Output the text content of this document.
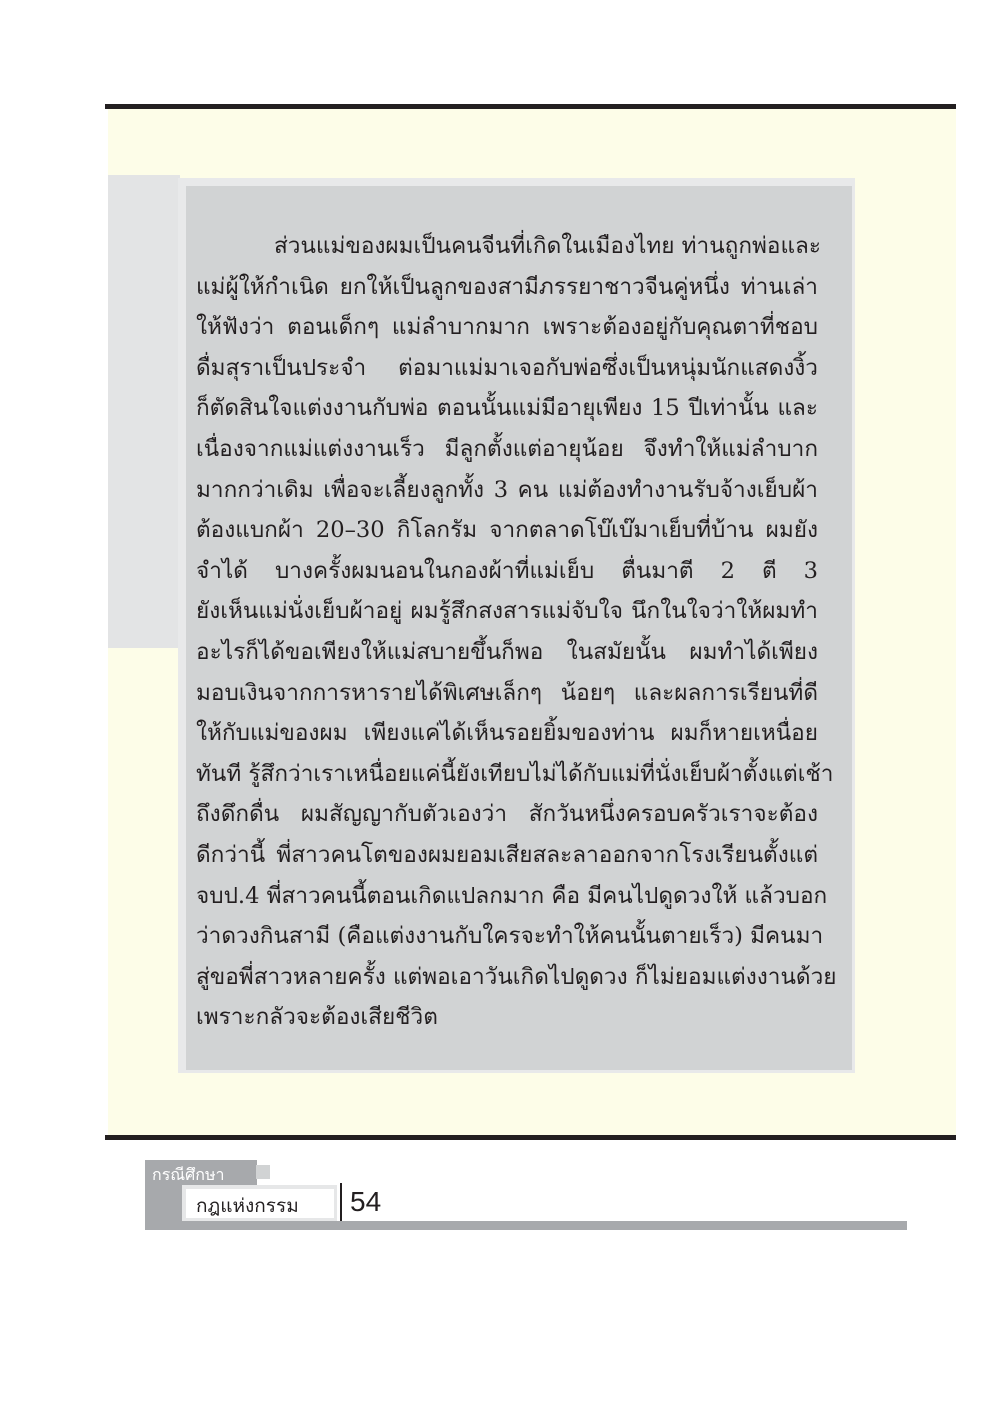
ส่วนแม่ของผมเป็นคนจีนที่เกิดในเมืองไทย ท่านถูกพ่อและ
แม่ผู้ให้กำเนิด ยกให้เป็นลูกของสามีภรรยาชาวจีนคู่หนึ่ง ท่านเล่า
ให้ฟังว่า ตอนเด็กๆ แม่ลำบากมาก เพราะต้องอยู่กับคุณตาที่ชอบ
ดื่มสุราเป็นประจำ ต่อมาแม่มาเจอกับพ่อซึ่งเป็นหนุ่มนักแสดงงิ้ว
ก็ตัดสินใจแต่งงานกับพ่อ ตอนนั้นแม่มีอายุเพียง 15 ปีเท่านั้น และ
เนื่องจากแม่แต่งงานเร็ว มีลูกตั้งแต่อายุน้อย จึงทำให้แม่ลำบาก
มากกว่าเดิม เพื่อจะเลี้ยงลูกทั้ง 3 คน แม่ต้องทำงานรับจ้างเย็บผ้า
ต้องแบกผ้า 20–30 กิโลกรัม จากตลาดโบ๊เบ๊มาเย็บที่บ้าน ผมยัง
จำได้ บางครั้งผมนอนในกองผ้าที่แม่เย็บ ตื่นมาตี 2 ตี 3
ยังเห็นแม่นั่งเย็บผ้าอยู่ ผมรู้สึกสงสารแม่จับใจ นึกในใจว่าให้ผมทำ
อะไรก็ได้ขอเพียงให้แม่สบายขึ้นก็พอ ในสมัยนั้น ผมทำได้เพียง
มอบเงินจากการหารายได้พิเศษเล็กๆ น้อยๆ และผลการเรียนที่ดี
ให้กับแม่ของผม เพียงแค่ได้เห็นรอยยิ้มของท่าน ผมก็หายเหนื่อย
ทันที รู้สึกว่าเราเหนื่อยแค่นี้ยังเทียบไม่ได้กับแม่ที่นั่งเย็บผ้าตั้งแต่เช้า
ถึงดึกดื่น ผมสัญญากับตัวเองว่า สักวันหนึ่งครอบครัวเราจะต้อง
ดีกว่านี้ พี่สาวคนโตของผมยอมเสียสละลาออกจากโรงเรียนตั้งแต่
จบป.4 พี่สาวคนนี้ตอนเกิดแปลกมาก คือ มีคนไปดูดวงให้ แล้วบอก
ว่าดวงกินสามี (คือแต่งงานกับใครจะทำให้คนนั้นตายเร็ว) มีคนมา
สู่ขอพี่สาวหลายครั้ง แต่พอเอาวันเกิดไปดูดวง ก็ไม่ยอมแต่งงานด้วย
เพราะกลัวจะต้องเสียชีวิต

กรณีศึกษา
กฎแห่งกรรม 54
